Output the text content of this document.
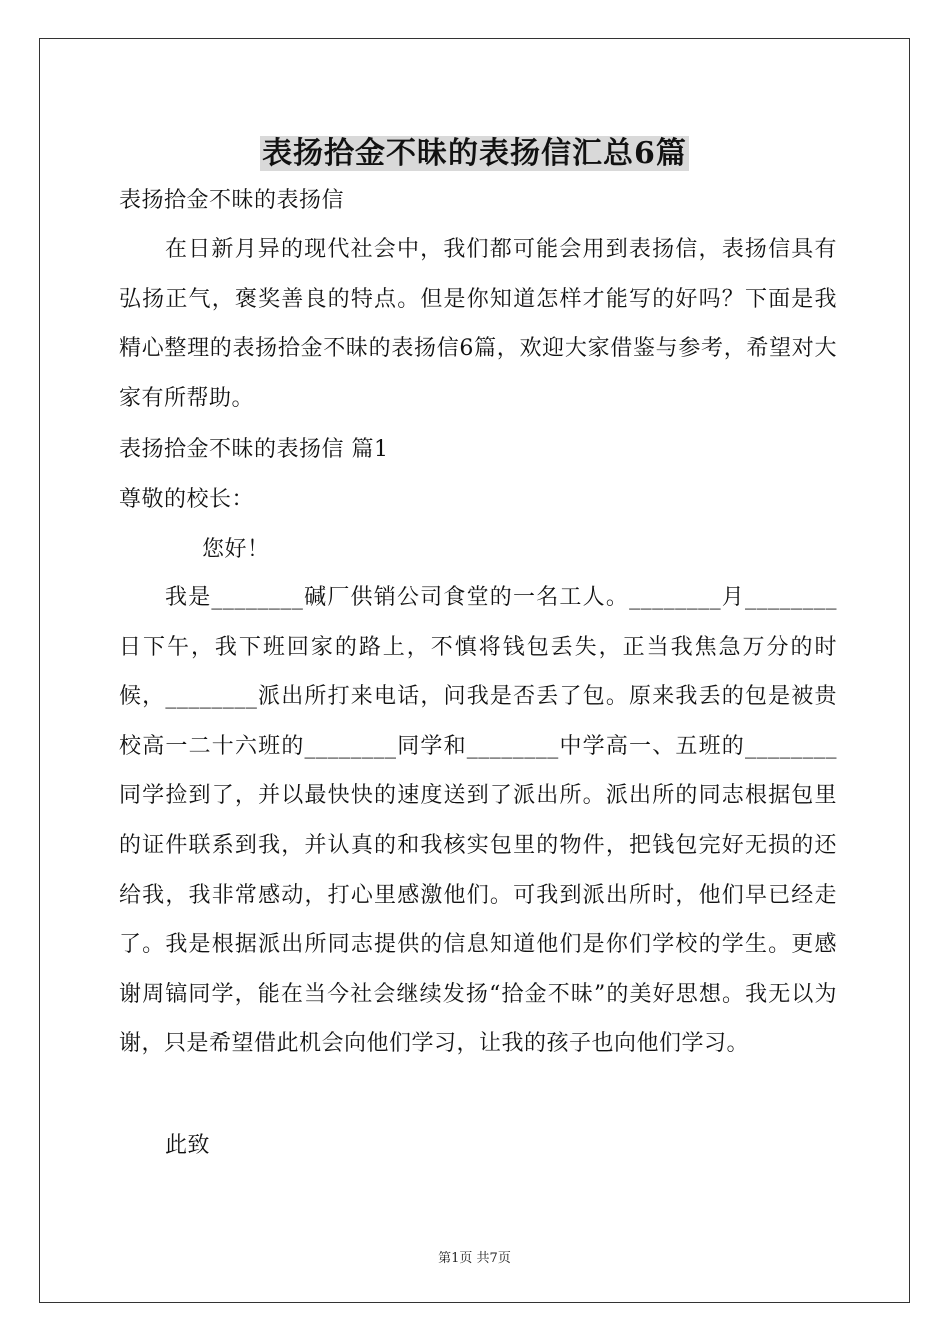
表扬拾金不昧的表扬信汇总6篇
表扬拾金不昧的表扬信
在日新月异的现代社会中，我们都可能会用到表扬信，表扬信具有弘扬正气，褒奖善良的特点。但是你知道怎样才能写的好吗？下面是我精心整理的表扬拾金不昧的表扬信6篇，欢迎大家借鉴与参考，希望对大家有所帮助。
表扬拾金不昧的表扬信 篇1
尊敬的校长：
您好！
我是________碱厂供销公司食堂的一名工人。________月________日下午，我下班回家的路上，不慎将钱包丢失，正当我焦急万分的时候，________派出所打来电话，问我是否丢了包。原来我丢的包是被贵校高一二十六班的________同学和________中学高一、五班的________同学捡到了，并以最快快的速度送到了派出所。派出所的同志根据包里的证件联系到我，并认真的和我核实包里的物件，把钱包完好无损的还给我，我非常感动，打心里感激他们。可我到派出所时，他们早已经走了。我是根据派出所同志提供的信息知道他们是你们学校的学生。更感谢周镐同学，能在当今社会继续发扬“拾金不昧”的美好思想。我无以为谢，只是希望借此机会向他们学习，让我的孩子也向他们学习。
此致
第1页 共7页
